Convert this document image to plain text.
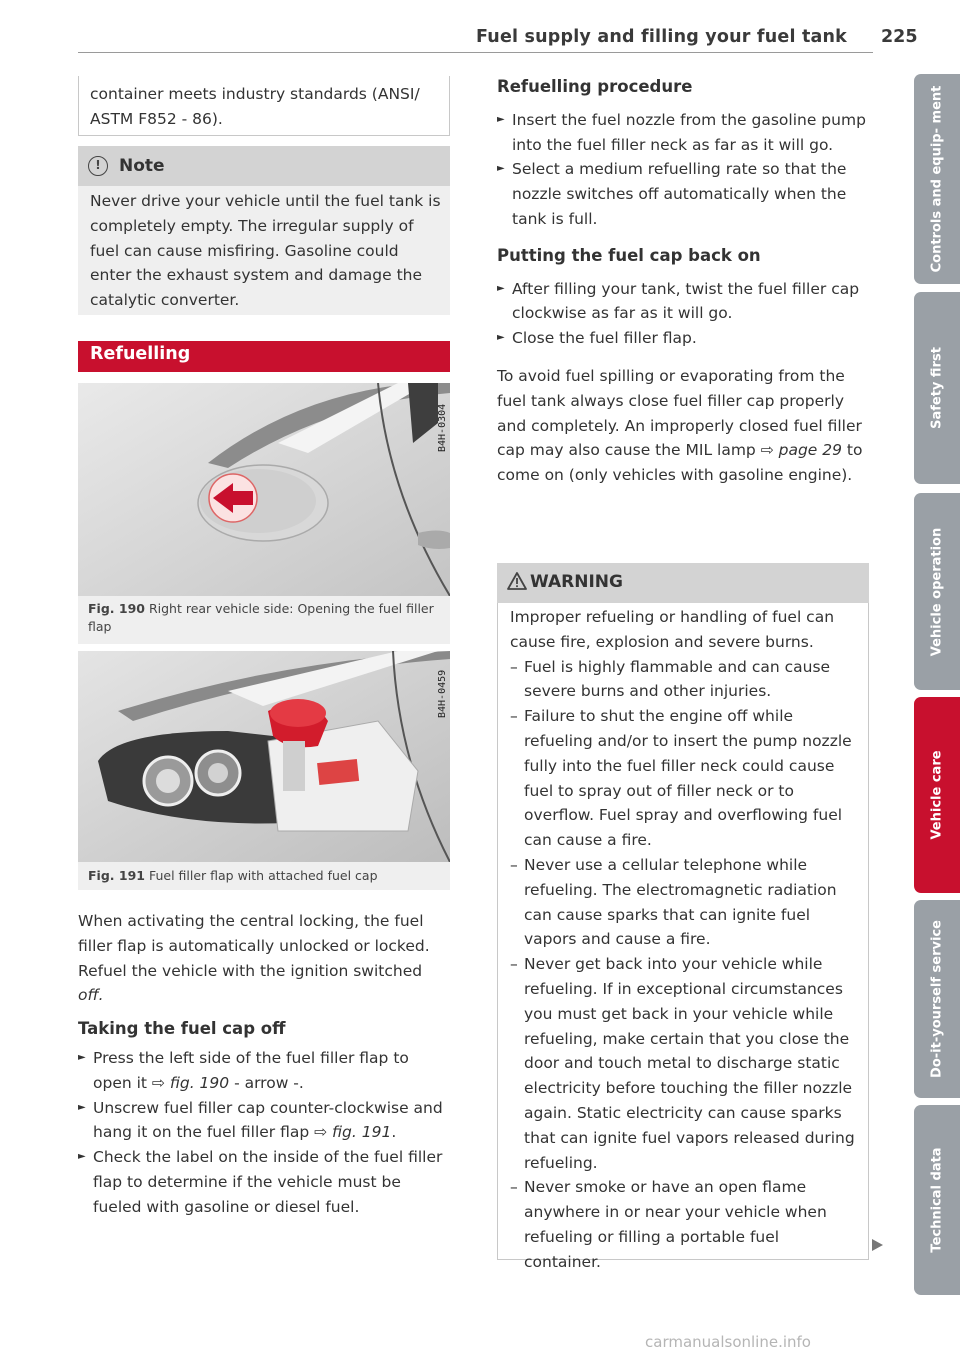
Fuel supply and filling your fuel tank 225
container meets industry standards (ANSI/ ASTM F852 - 86).
!	Note
Never drive your vehicle until the fuel tank is completely empty. The irregular supply of fuel can cause misfiring. Gasoline could enter the exhaust system and damage the catalytic converter.
Refuelling
B4H-0304
Fig. 190 Right rear vehicle side: Opening the fuel filler flap
B4H-0459
Fig. 191 Fuel filler flap with attached fuel cap

When activating the central locking, the fuel filler flap is automatically unlocked or locked. Refuel the vehicle with the ignition switched off.

Taking the fuel cap off

► Press the left side of the fuel filler flap to open it ⇨ fig. 190 - arrow -.

► Unscrew fuel filler cap counter-clockwise and hang it on the fuel filler flap ⇨ fig. 191.

► Check the label on the inside of the fuel filler flap to determine if the vehicle must be fueled with gasoline or diesel fuel.

Refuelling procedure

► Insert the fuel nozzle from the gasoline pump into the fuel filler neck as far as it will go.

► Select a medium refuelling rate so that the nozzle switches off automatically when the tank is full.

Putting the fuel cap back on

► After filling your tank, twist the fuel filler cap clockwise as far as it will go.

► Close the fuel filler flap.

To avoid fuel spilling or evaporating from the fuel tank always close fuel filler cap properly and completely. An improperly closed fuel filler cap may also cause the MIL lamp ⇨ page 29 to come on (only vehicles with gasoline engine).

WARNING

Improper refueling or handling of fuel can cause fire, explosion and severe burns.

– Fuel is highly flammable and can cause severe burns and other injuries.

– Failure to shut the engine off while refueling and/or to insert the pump nozzle fully into the fuel filler neck could cause fuel to spray out of filler neck or to overflow. Fuel spray and overflowing fuel can cause a fire.

– Never use a cellular telephone while refueling. The electromagnetic radiation can cause sparks that can ignite fuel vapors and cause a fire.

– Never get back into your vehicle while refueling. If in exceptional circumstances you must get back in your vehicle while refueling, make certain that you close the door and touch metal to discharge static electricity before touching the filler nozzle again. Static electricity can cause sparks that can ignite fuel vapors released during refueling.

– Never smoke or have an open flame anywhere in or near your vehicle when refueling or filling a portable fuel container.

Controls and equip- ment
Safety first
Vehicle operation
Vehicle care
Do-it-yourself service
Technical data
carmanualsonline.info
